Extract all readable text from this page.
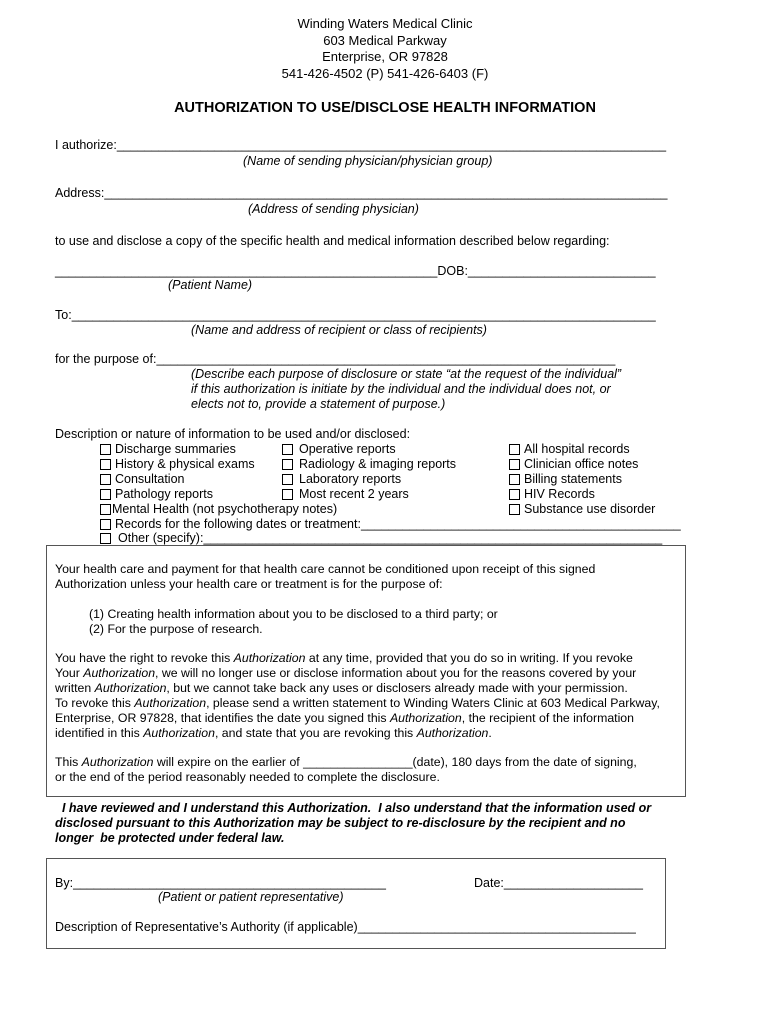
Winding Waters Medical Clinic
603 Medical Parkway
Enterprise, OR 97828
541-426-4502 (P) 541-426-6403 (F)
AUTHORIZATION TO USE/DISCLOSE HEALTH INFORMATION
I authorize:_______________________________________________________________________________
(Name of sending physician/physician group)
Address:_________________________________________________________________________________
(Address of sending physician)
to use and disclose a copy of the specific health and medical information described below regarding:
_______________________________________________________DOB:___________________________
(Patient Name)
To:____________________________________________________________________________________
(Name and address of recipient or class of recipients)
for the purpose of:__________________________________________________________________
(Describe each purpose of disclosure or state “at the request of the individual”
if this authorization is initiate by the individual and the individual does not, or
elects not to, provide a statement of purpose.)
Description or nature of information to be used and/or disclosed:
Discharge summaries
History & physical exams
Consultation
Pathology reports
Operative reports
Radiology & imaging reports
Laboratory reports
Most recent 2 years
All hospital records
Clinician office notes
Billing statements
HIV Records
Substance use disorder
Mental Health (not psychotherapy notes)
Records for the following dates or treatment:______________________________________________
Other (specify):__________________________________________________________________
Your health care and payment for that health care cannot be conditioned upon receipt of this signed
Authorization unless your health care or treatment is for the purpose of:
(1) Creating health information about you to be disclosed to a third party; or
(2) For the purpose of research.
You have the right to revoke this Authorization at any time, provided that you do so in writing. If you revoke
Your Authorization, we will no longer use or disclose information about you for the reasons covered by your
written Authorization, but we cannot take back any uses or disclosers already made with your permission.
To revoke this Authorization, please send a written statement to Winding Waters Clinic at 603 Medical Parkway,
Enterprise, OR 97828, that identifies the date you signed this Authorization, the recipient of the information
identified in this Authorization, and state that you are revoking this Authorization.
This Authorization will expire on the earlier of ________________(date), 180 days from the date of signing,
or the end of the period reasonably needed to complete the disclosure.
I have reviewed and I understand this Authorization.  I also understand that the information used or
disclosed pursuant to this Authorization may be subject to re-disclosure by the recipient and no
longer  be protected under federal law.
By:_____________________________________________	Date:____________________
(Patient or patient representative)
Description of Representative’s Authority (if applicable)________________________________________
